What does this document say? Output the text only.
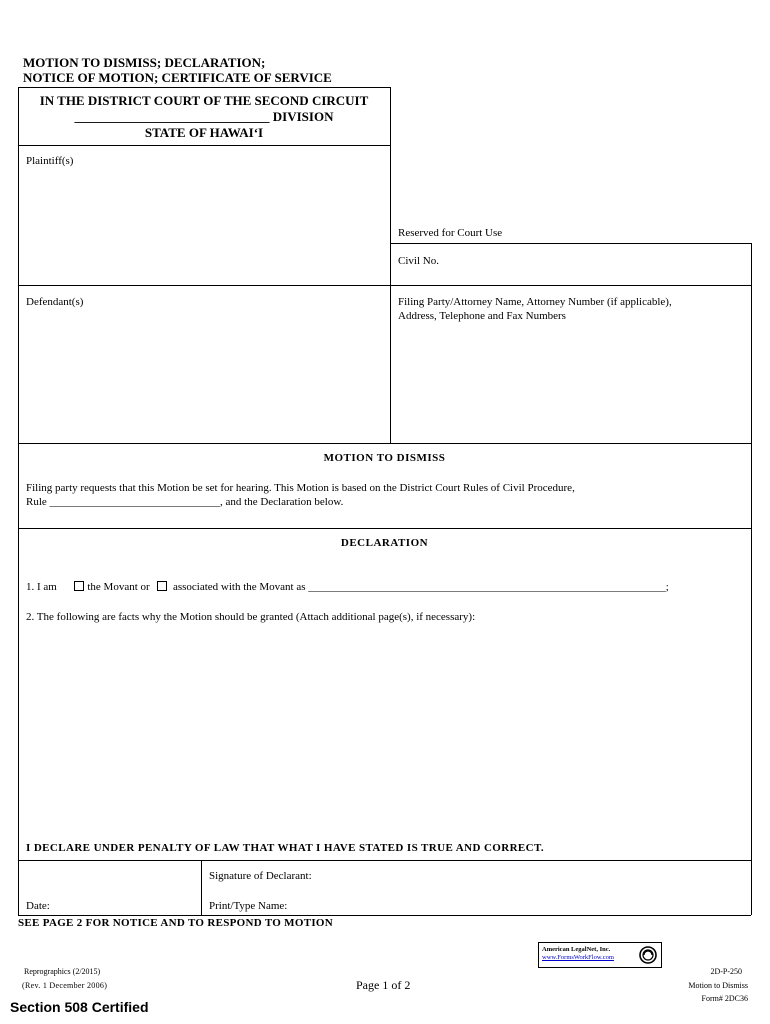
MOTION TO DISMISS; DECLARATION;
NOTICE OF MOTION; CERTIFICATE OF SERVICE
IN THE DISTRICT COURT OF THE SECOND CIRCUIT
______________________________ DIVISION
STATE OF HAWAI‘I
Plaintiff(s)
Reserved for Court Use
Civil No.
Defendant(s)	Filing Party/Attorney Name, Attorney Number (if applicable),
Address, Telephone and Fax Numbers
MOTION TO DISMISS
Filing party requests that this Motion be set for hearing. This Motion is based on the District Court Rules of Civil Procedure,
Rule _______________________________, and the Declaration below.
DECLARATION
1. I am	the Movant or associated with the Movant as _________________________________________________________________;
2. The following are facts why the Motion should be granted (Attach additional page(s), if necessary):
I DECLARE UNDER PENALTY OF LAW THAT WHAT I HAVE STATED IS TRUE AND CORRECT.
Signature of Declarant:
Date:	Print/Type Name:
SEE PAGE 2 FOR NOTICE AND TO RESPOND TO MOTION
American LegalNet, Inc.
www.FormsWorkFlow.com
Reprographics (2/2015)
(Rev. 1 December 2006)	Page 1 of 2
2D-P-250
Motion to Dismiss
Form# 2DC36
Section 508 Certified
